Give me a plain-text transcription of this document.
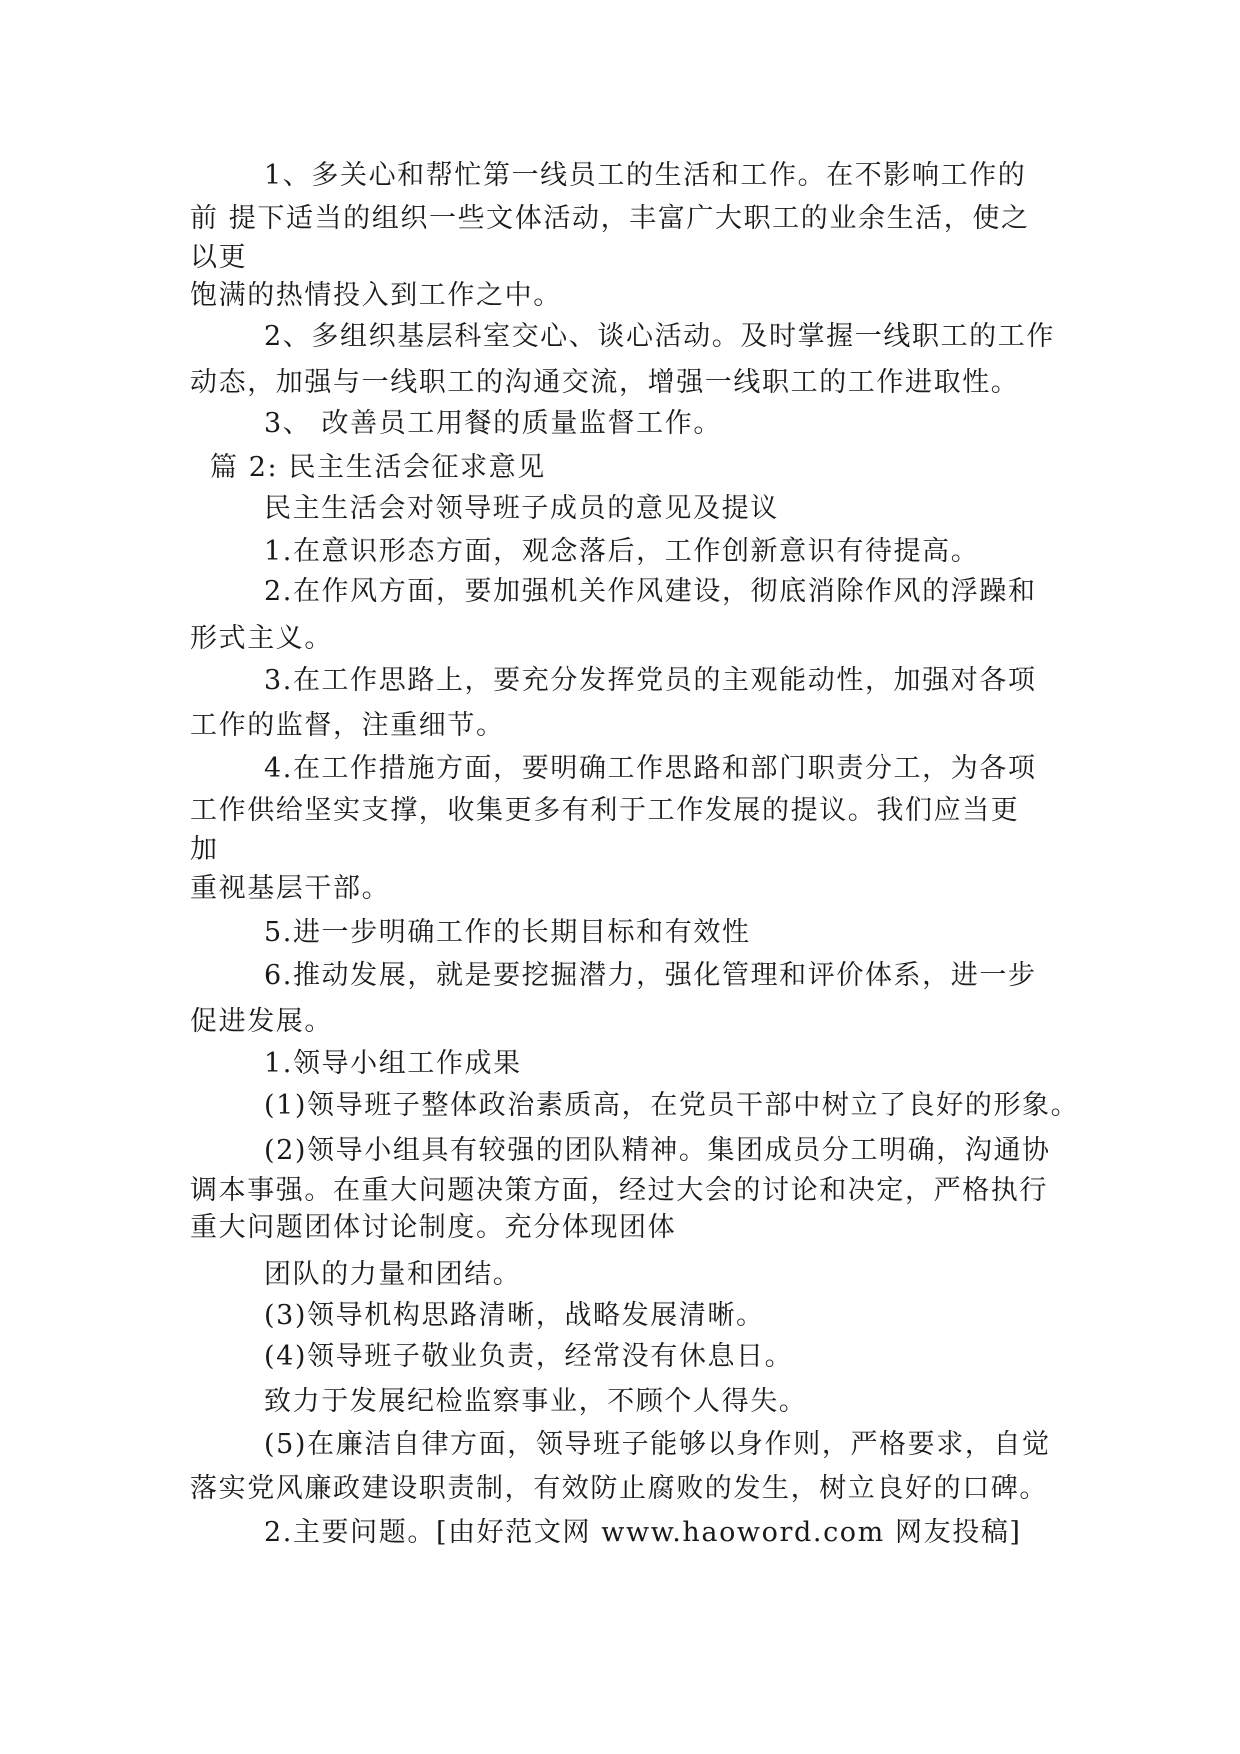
1、多关心和帮忙第一线员工的生活和工作。在不影响工作的
前 提下适当的组织一些文体活动，丰富广大职工的业余生活，使之
以更
饱满的热情投入到工作之中。
2、多组织基层科室交心、谈心活动。及时掌握一线职工的工作
动态，加强与一线职工的沟通交流，增强一线职工的工作进取性。
3、 改善员工用餐的质量监督工作。
篇 2: 民主生活会征求意见
民主生活会对领导班子成员的意见及提议
1.在意识形态方面，观念落后，工作创新意识有待提高。
2.在作风方面，要加强机关作风建设，彻底消除作风的浮躁和
形式主义。
3.在工作思路上，要充分发挥党员的主观能动性，加强对各项
工作的监督，注重细节。
4.在工作措施方面，要明确工作思路和部门职责分工，为各项
工作供给坚实支撑，收集更多有利于工作发展的提议。我们应当更
加
重视基层干部。
5.进一步明确工作的长期目标和有效性
6.推动发展，就是要挖掘潜力，强化管理和评价体系，进一步
促进发展。
1.领导小组工作成果
(1)领导班子整体政治素质高，在党员干部中树立了良好的形象。
(2)领导小组具有较强的团队精神。集团成员分工明确，沟通协
调本事强。在重大问题决策方面，经过大会的讨论和决定，严格执行
重大问题团体讨论制度。充分体现团体
团队的力量和团结。
(3)领导机构思路清晰，战略发展清晰。
(4)领导班子敬业负责，经常没有休息日。
致力于发展纪检监察事业，不顾个人得失。
(5)在廉洁自律方面，领导班子能够以身作则，严格要求，自觉
落实党风廉政建设职责制，有效防止腐败的发生，树立良好的口碑。
2.主要问题。[由好范文网 www.haoword.com 网友投稿]
